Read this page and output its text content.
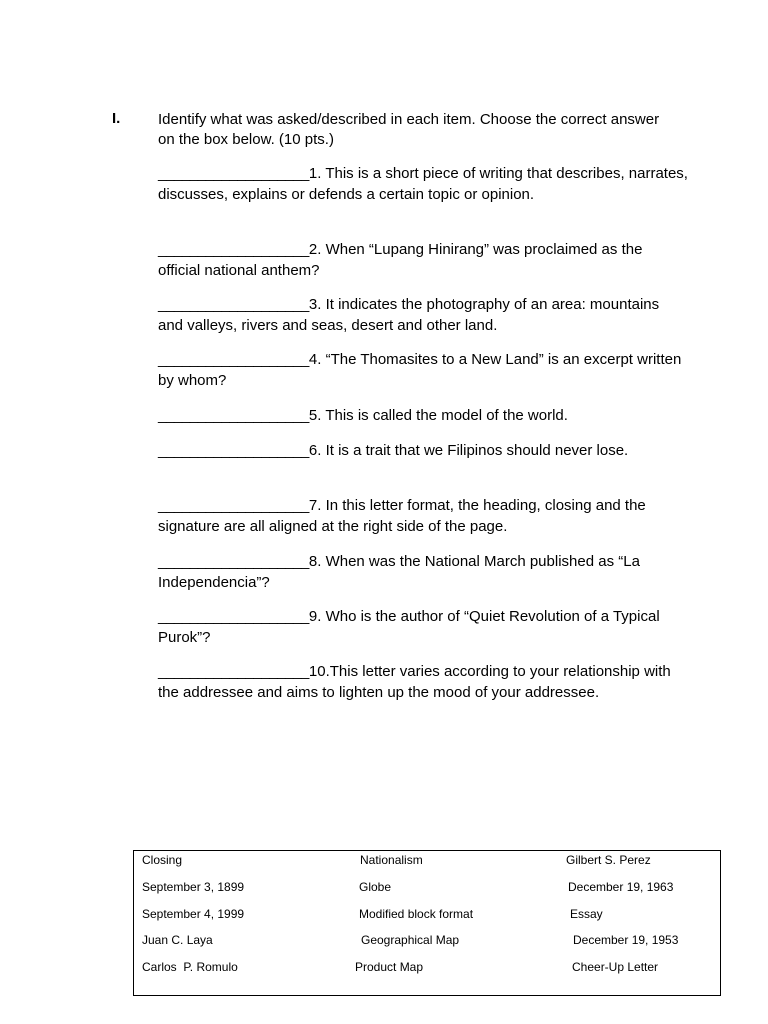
I.	Identify what was asked/described in each item. Choose the correct answer on the box below. (10 pts.)
___________________1. This is a short piece of writing that describes, narrates, discusses, explains or defends a certain topic or opinion.
___________________2. When “Lupang Hinirang” was proclaimed as the official national anthem?
___________________3. It indicates the photography of an area: mountains and valleys, rivers and seas, desert and other land.
___________________4. “The Thomasites to a New Land” is an excerpt written by whom?
___________________5. This is called the model of the world.
___________________6. It is a trait that we Filipinos should never lose.
___________________7. In this letter format, the heading, closing and the signature are all aligned at the right side of the page.
___________________8. When was the National March published as “La Independencia”?
___________________9. Who is the author of “Quiet Revolution of a Typical Purok”?
___________________10.This letter varies according to your relationship with the addressee and aims to lighten up the mood of your addressee.
Closing	Nationalism	Gilbert S. Perez
September 3, 1899	Globe	December 19, 1963
September 4, 1999	Modified block format	Essay
Juan C. Laya	Geographical Map	December 19, 1953
Carlos  P. Romulo	Product Map	Cheer-Up Letter
